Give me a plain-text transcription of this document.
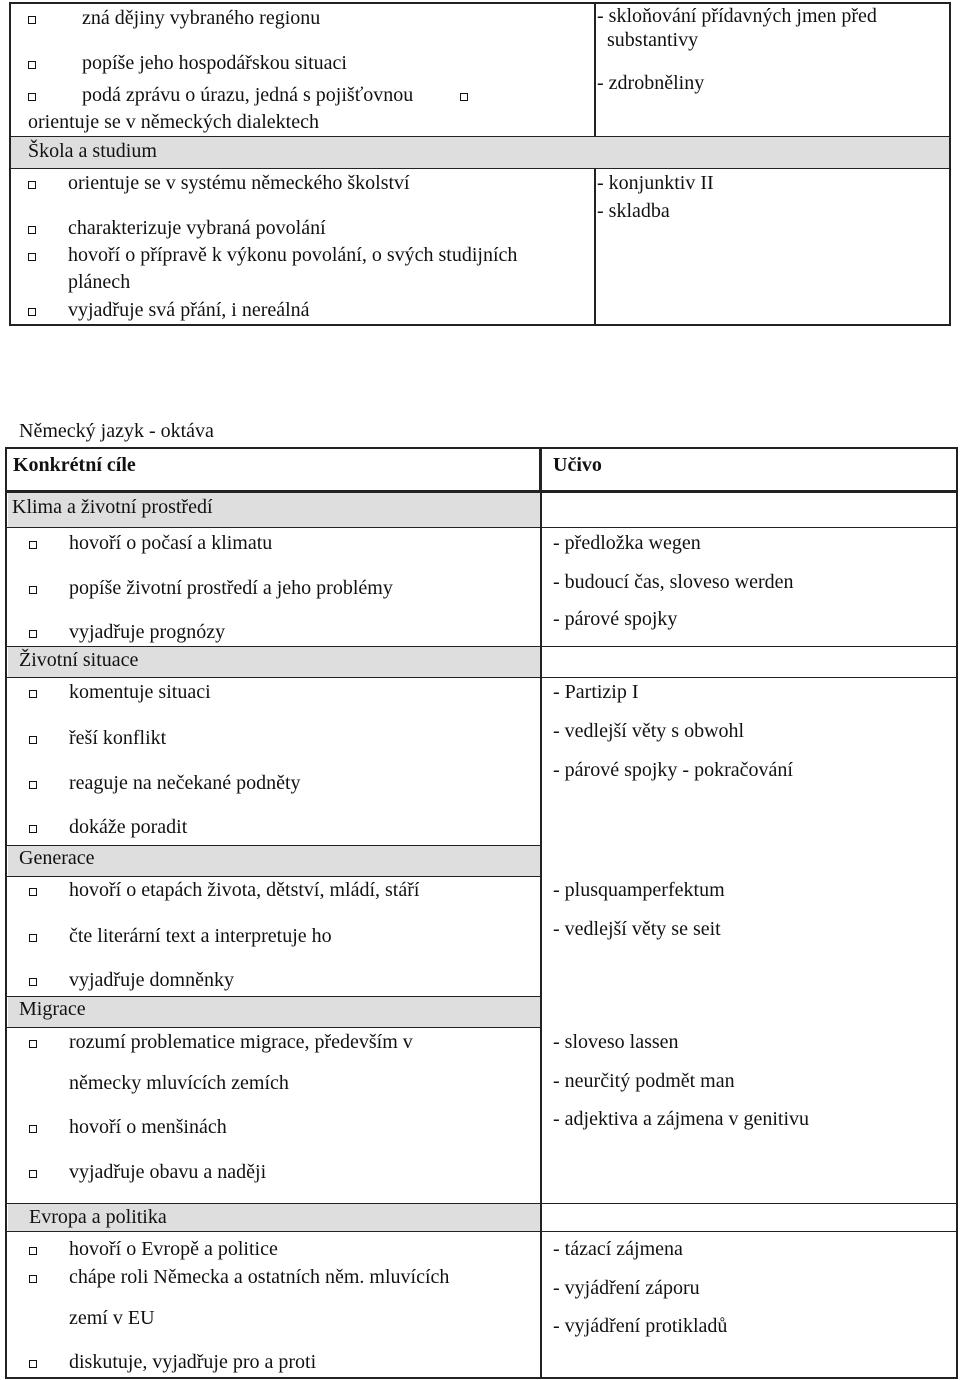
zná dějiny vybraného regionu
popíše jeho hospodářskou situaci
podá zprávu o úrazu, jedná s pojišťovnou
orientuje se v německých dialektech
Škola a studium
orientuje se v systému německého školství
charakterizuje vybraná povolání
hovoří o přípravě k výkonu povolání, o svých studijních
plánech
vyjadřuje svá přání, i nereálná
- skloňování přídavných jmen před
substantivy
- zdrobněliny
- konjunktiv II
- skladba
Německý jazyk - oktáva
Konkrétní cíle	Učivo
Klima a životní prostředí
hovoří o počasí a klimatu
popíše životní prostředí a jeho problémy
vyjadřuje prognózy
- předložka wegen
- budoucí čas, sloveso werden
- párové spojky
Životní situace
komentuje situaci
řeší konflikt
reaguje na nečekané podněty
dokáže poradit
- Partizip I
- vedlejší věty s obwohl
- párové spojky - pokračování
Generace
hovoří o etapách života, dětství, mládí, stáří
čte literární text a interpretuje ho
vyjadřuje domněnky
- plusquamperfektum
- vedlejší věty se seit
Migrace
rozumí problematice migrace, především v
německy mluvících zemích
hovoří o menšinách
vyjadřuje obavu a naději
- sloveso lassen
- neurčitý podmět man
- adjektiva a zájmena v genitivu
Evropa a politika
hovoří o Evropě a politice
chápe roli Německa a ostatních něm. mluvících
zemí v EU
diskutuje, vyjadřuje pro a proti
- tázací zájmena
- vyjádření záporu
- vyjádření protikladů
